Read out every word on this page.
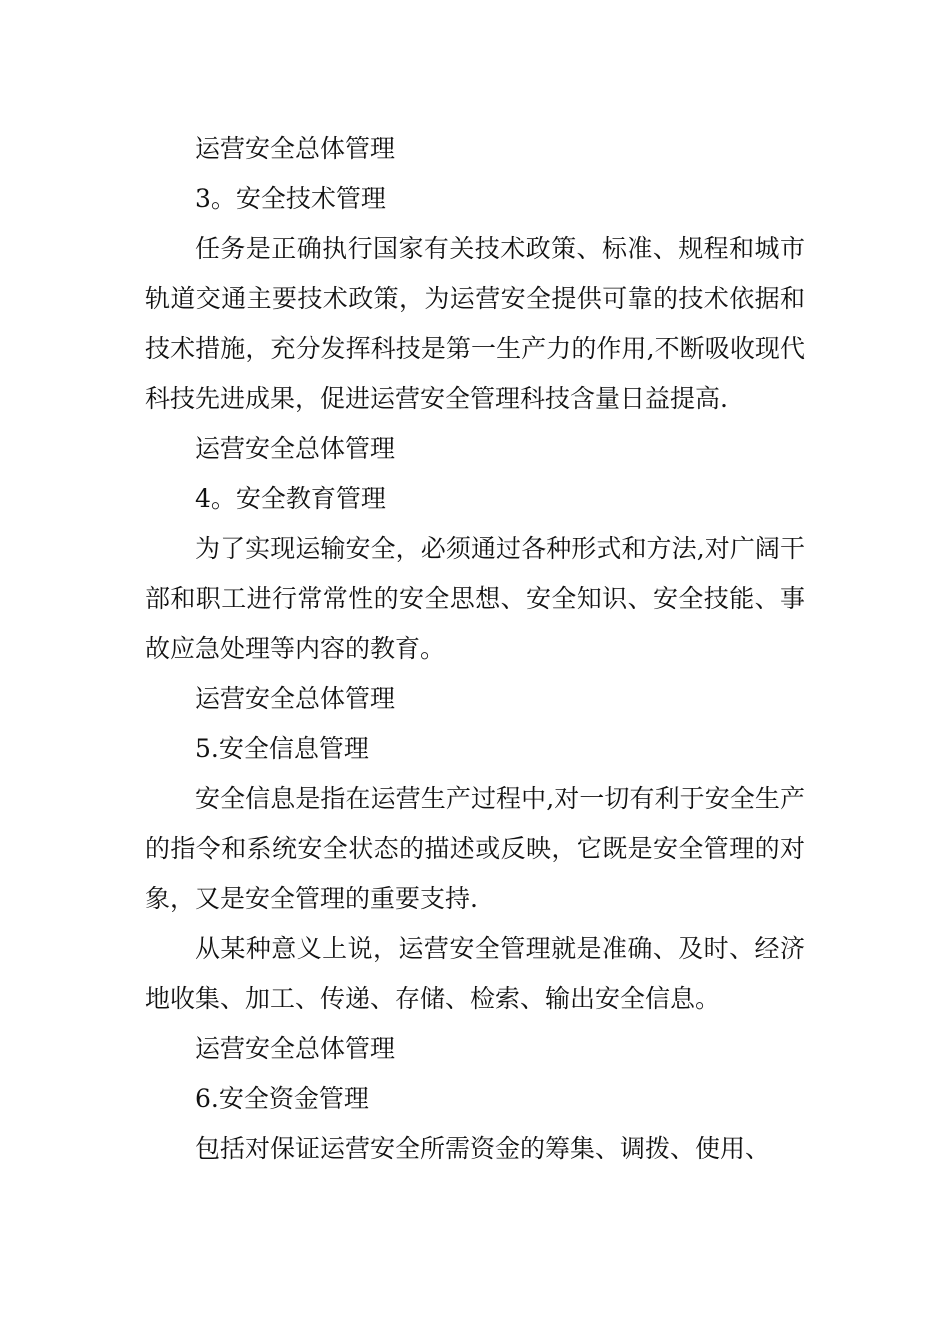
运营安全总体管理

3。安全技术管理

任务是正确执行国家有关技术政策、标准、规程和城市轨道交通主要技术政策，为运营安全提供可靠的技术依据和技术措施，充分发挥科技是第一生产力的作用,不断吸收现代科技先进成果，促进运营安全管理科技含量日益提高.

运营安全总体管理

4。安全教育管理

为了实现运输安全，必须通过各种形式和方法,对广阔干部和职工进行常常性的安全思想、安全知识、安全技能、事故应急处理等内容的教育。

运营安全总体管理

5.安全信息管理

安全信息是指在运营生产过程中,对一切有利于安全生产的指令和系统安全状态的描述或反映，它既是安全管理的对象，又是安全管理的重要支持.

从某种意义上说，运营安全管理就是准确、及时、经济地收集、加工、传递、存储、检索、输出安全信息。

运营安全总体管理

6.安全资金管理

包括对保证运营安全所需资金的筹集、调拨、使用、
